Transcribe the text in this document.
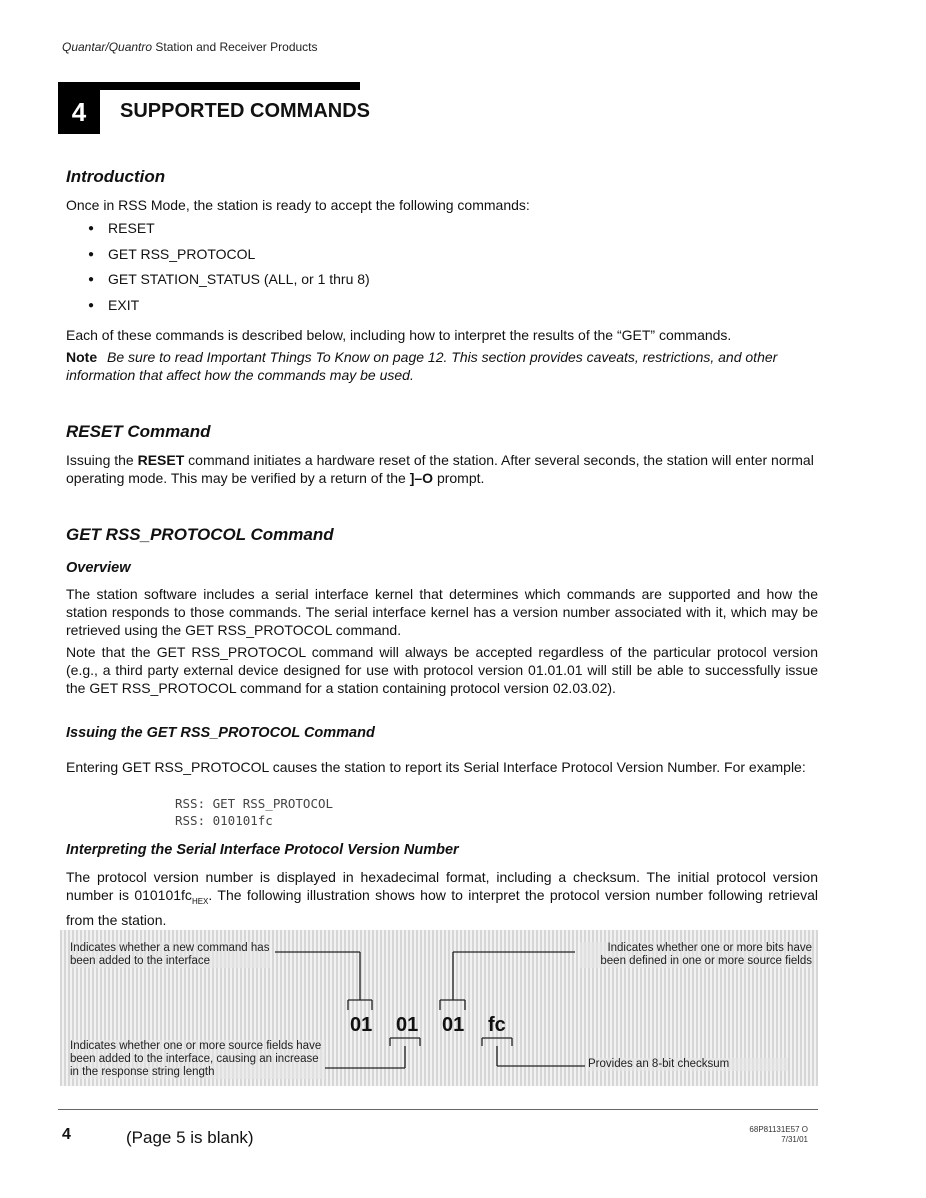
Quantar/Quantro Station and Receiver Products
4	SUPPORTED COMMANDS
Introduction
Once in RSS Mode, the station is ready to accept the following commands:
● RESET
● GET RSS_PROTOCOL
● GET STATION_STATUS (ALL, or 1 thru 8)
● EXIT
Each of these commands is described below, including how to interpret the results of the “GET” commands.
Note Be sure to read Important Things To Know on page 12. This section provides caveats, restrictions, and other information that affect how the commands may be used.
RESET Command
Issuing the RESET command initiates a hardware reset of the station. After several seconds, the station will enter normal operating mode. This may be verified by a return of the ]–O prompt.
GET RSS_PROTOCOL Command
Overview
The station software includes a serial interface kernel that determines which commands are supported and how the station responds to those commands. The serial interface kernel has a version number associated with it, which may be retrieved using the GET RSS_PROTOCOL command.
Note that the GET RSS_PROTOCOL command will always be accepted regardless of the particular protocol version (e.g., a third party external device designed for use with protocol version 01.01.01 will still be able to successfully issue the GET RSS_PROTOCOL command for a station containing protocol version 02.03.02).
Issuing the GET RSS_PROTOCOL Command
Entering GET RSS_PROTOCOL causes the station to report its Serial Interface Protocol Version Number. For example:
RSS: GET RSS_PROTOCOL
RSS: 010101fc
Interpreting the Serial Interface Protocol Version Number
The protocol version number is displayed in hexadecimal format, including a checksum. The initial protocol version number is $010101fc_{HEX}$. The following illustration shows how to interpret the protocol version number following retrieval from the station.
Indicates whether a new command has been added to the interface
Indicates whether one or more bits have been defined in one or more source fields
Indicates whether one or more source fields have been added to the interface, causing an increase in the response string length
Provides an 8-bit checksum
01 01 01 fc
4	(Page 5 is blank)	68P81131E57 O
7/31/01
